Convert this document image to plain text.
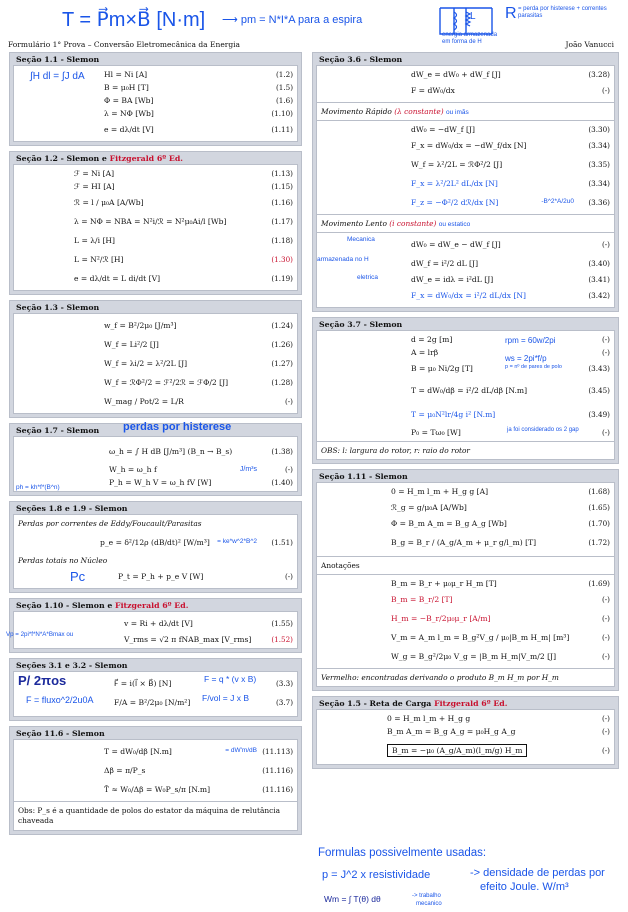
T = P⃗m×B⃗ [N·m] ⟶ pm = N*I*A para a espira	L R = perda por histerese + correntes parasitas
energia armazenada
em forma de H
Formulário 1° Prova – Conversão Eletromecânica da Energia	João Vanucci
Seção 1.1 - Slemon
∫H dl = ∫J dA	Hl = Ni [A]	(1.2)
B = μ₀H [T]	(1.5)
Φ = BA [Wb]	(1.6)
λ = NΦ [Wb]	(1.10)
e = dλ/dt [V]	(1.11)
Seção 1.2 - Slemon e Fitzgerald 6º Ed.
ℱ = Ni [A]	(1.13)
ℱ = HI [A]	(1.15)
ℛ = l / μ₀A [A/Wb]	(1.16)
λ = NΦ = NBA = N²i/ℛ = N²μ₀Ai/l [Wb]	(1.17)
L = λ/i [H]	(1.18)
L = N²/ℛ [H]	(1.30)
e = dλ/dt = L di/dt [V]	(1.19)
Seção 1.3 - Slemon
w_f = B²/2μ₀ [J/m³]	(1.24)
W_f = Li²/2 [J]	(1.26)
W_f = λi/2 = λ²/2L [J]	(1.27)
W_f = ℛΦ²/2 = ℱ²/2ℛ = ℱΦ/2 [J]	(1.28)
W_mag / Pot/2 = L/R	(-)
Seção 1.7 - Slemon perdas por histerese
ω_h = ∫ H dB [J/m³] (B_n → B_s)	(1.38)
W_h = ω_h f	J/m³s	(-)
P_h = W_h V = ω_h fV [W]	(1.40)
ph = kh*f*(B^n)
Seções 1.8 e 1.9 - Slemon
Perdas por correntes de Eddy/Foucault/Parasitas
p_e = δ²/12ρ (dB/dt)² [W/m³]	= ke*w^2*B^2	(1.51)
Perdas totais no Núcleo
Pc	P_t = P_h + p_e V [W]	(-)
Seção 1.10 - Slemon e Fitzgerald 6º Ed.
v = Ri + dλ/dt [V]	(1.55)
V_rms = √2 π fNAB_max [V_rms]	(1.52)
Vp = 2pi*f*N*A*Bmax ou
Seções 3.1 e 3.2 - Slemon
P/ 2πos
F = fluxo^2/2u0A
F⃗ = i(l⃗ × B⃗) [N]	(3.3)
F/A = B²/2μ₀ [N/m²]	(3.7)
F = q * (v x B)
F/vol = J x B
Seção 11.6 - Slemon
T = dW₀/dβ [N.m]	= dW'm/dB (11.113)
Δβ = π/P_s	(11.116)
T̄ ≈ W₀/Δβ = W₀P_s/π [N.m]	(11.116)
Obs: P_s é a quantidade de polos do estator da máquina de relutância chaveada
Seção 3.6 - Slemon
dW_e = dW₀ + dW_f [J]	(3.28)
F = dW₀/dx	(-)
Movimento Rápido (λ constante) ou imãs
dW₀ = −dW_f [J]	(3.30)
F_x = dW₀/dx = −dW_f/dx [N]	(3.34)
W_f = λ²/2L = ℛΦ²/2 [J]	(3.35)
F_x = λ²/2L² dL/dx [N]	(3.34)
F_z = −Φ²/2 dℛ/dx [N]	-B^2*A/2u0	(3.36)
Movimento Lento (i constante) ou estatico
Mecanica
armazenada no H
eletrica
dW₀ = dW_e − dW_f [J]	(-)
dW_f = i²/2 dL [J]	(3.40)
dW_e = idλ = i²dL [J]	(3.41)
F_x = dW₀/dx = i²/2 dL/dx [N]	(3.42)
Seção 3.7 - Slemon
rpm = 60w/2pi
ws = 2pi*f/p
p = nº de pares de polo
ja foi considerado os 2 gap
d = 2g [m]	(-)
A = lrβ	(-)
B = μ₀ Ni/2g [T]	(3.43)
T = dW₀/dβ = i²/2 dL/dβ [N.m]	(3.45)
T = μ₀N²lr/4g i² [N.m]	(3.49)
P₀ = Tω₀ [W]	(-)
OBS: l: largura do rotor, r: raio do rotor
Seção 1.11 - Slemon
0 = H_m l_m + H_g g [A]	(1.68)
ℛ_g = g/μ₀A [A/Wb]	(1.65)
Φ = B_m A_m = B_g A_g [Wb]	(1.70)
B_g = B_r / (A_g/A_m + μ_r g/l_m) [T]	(1.72)
Anotações
B_m = B_r + μ₀μ_r H_m [T]	(1.69)
B_m = B_r/2 [T]	(-)
H_m = −B_r/2μ₀μ_r [A/m]	(-)
V_m = A_m l_m = B_g²V_g / μ₀|B_m H_m| [m³]	(-)
W_g = B_g²/2μ₀ V_g = |B_m H_m|V_m/2 [J]	(-)
Vermelho: encontradas derivando o produto B_m H_m por H_m
Seção 1.5 - Reta de Carga Fitzgerald 6º Ed.
0 = H_m l_m + H_g g	(-)
B_m A_m = B_g A_g = μ₀H_g A_g	(-)
B_m = −μ₀ (A_g/A_m)(l_m/g) H_m	(-)
Formulas possivelmente usadas:
p = J^2 x resistividade	-> densidade de perdas por
efeito Joule. W/m³
Wm = ∫ T(θ) dθ	-> trabalho
mecanico
